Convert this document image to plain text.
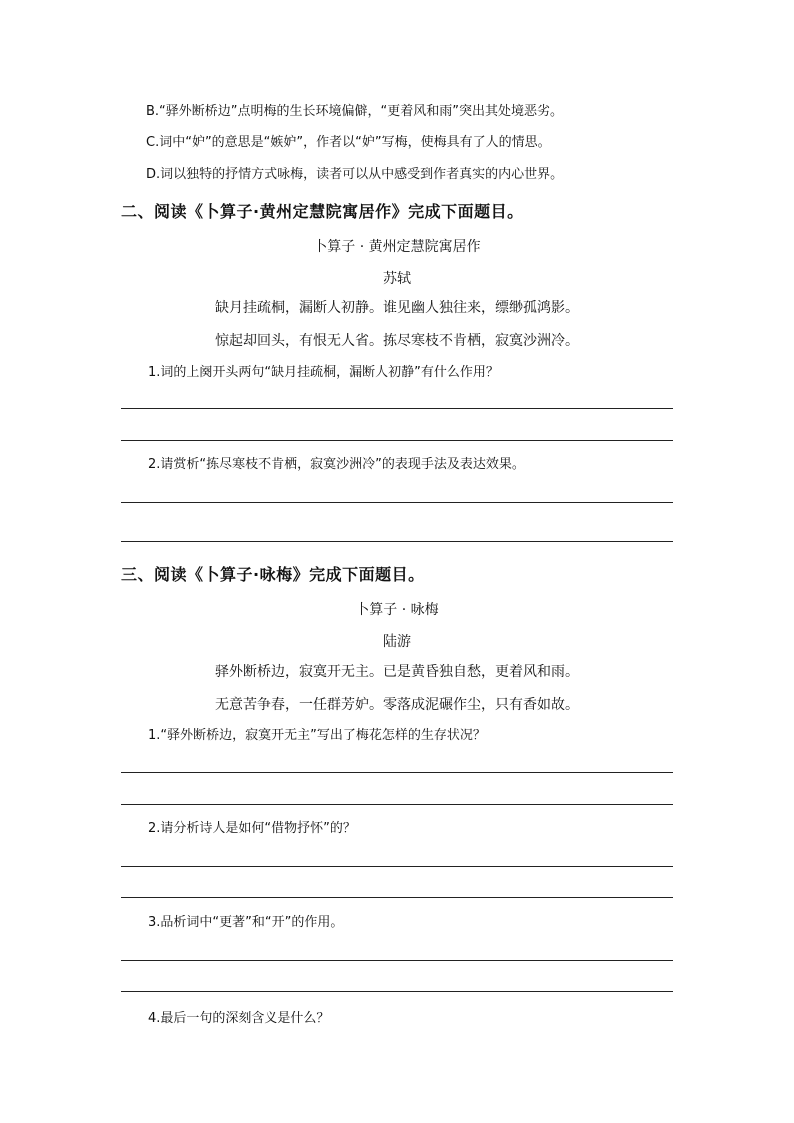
B.“驿外断桥边”点明梅的生长环境偏僻，“更着风和雨”突出其处境恶劣。
C.词中“妒”的意思是“嫉妒”，作者以“妒”写梅，使梅具有了人的情思。
D.词以独特的抒情方式咏梅，读者可以从中感受到作者真实的内心世界。
二、阅读《卜算子·黄州定慧院寓居作》完成下面题目。
卜算子 · 黄州定慧院寓居作
苏轼
缺月挂疏桐，漏断人初静。谁见幽人独往来，缥缈孤鸿影。
惊起却回头，有恨无人省。拣尽寒枝不肯栖，寂寞沙洲冷。
1.词的上阕开头两句“缺月挂疏桐，漏断人初静”有什么作用？
2.请赏析“拣尽寒枝不肯栖，寂寞沙洲冷”的表现手法及表达效果。
三、阅读《卜算子·咏梅》完成下面题目。
卜算子 · 咏梅
陆游
驿外断桥边，寂寞开无主。已是黄昏独自愁，更着风和雨。
无意苦争春，一任群芳妒。零落成泥碾作尘，只有香如故。
1.“驿外断桥边，寂寞开无主”写出了梅花怎样的生存状况？
2.请分析诗人是如何“借物抒怀”的？
3.品析词中“更著”和“开”的作用。
4.最后一句的深刻含义是什么？
